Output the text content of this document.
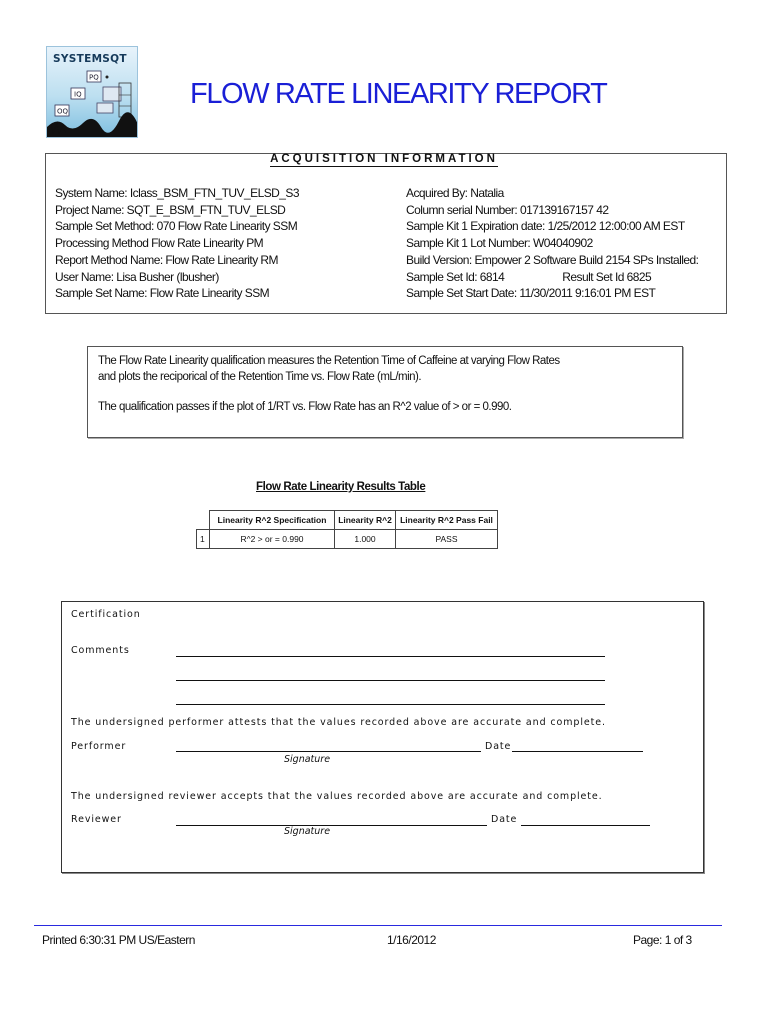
SYSTEMSQT
PQ
IQ
OQ
FLOW RATE LINEARITY REPORT
ACQUISITION INFORMATION
System Name: Iclass_BSM_FTN_TUV_ELSD_S3
Project Name: SQT_E_BSM_FTN_TUV_ELSD
Sample Set Method: 070 Flow Rate Linearity SSM
Processing Method Flow Rate Linearity PM
Report Method Name: Flow Rate Linearity RM
User Name: Lisa Busher (lbusher)
Sample Set Name: Flow Rate Linearity SSM
Acquired By: Natalia
Column serial Number: 017139167157 42
Sample Kit 1 Expiration date: 1/25/2012 12:00:00 AM EST
Sample Kit 1 Lot Number: W04040902
Build Version: Empower 2 Software Build 2154 SPs Installed:
Sample Set Id: 6814	Result Set Id 6825
Sample Set Start Date: 11/30/2011 9:16:01 PM EST
The Flow Rate Linearity qualification measures the Retention Time of Caffeine at varying Flow Rates
and plots the reciporical of the Retention Time vs. Flow Rate (mL/min).
The qualification passes if the plot of 1/RT vs. Flow Rate has an R^2 value of > or = 0.990.
Flow Rate Linearity Results Table
	Linearity R^2 Specification	Linearity R^2	Linearity R^2 Pass Fail
1	R^2 > or = 0.990	1.000	PASS
Certification
Comments
The undersigned performer attests that the values recorded above are accurate and complete.
Performer	Date
Signature
The undersigned reviewer accepts that the values recorded above are accurate and complete.
Reviewer	Date
Signature
Printed 6:30:31 PM US/Eastern	1/16/2012	Page: 1 of 3
